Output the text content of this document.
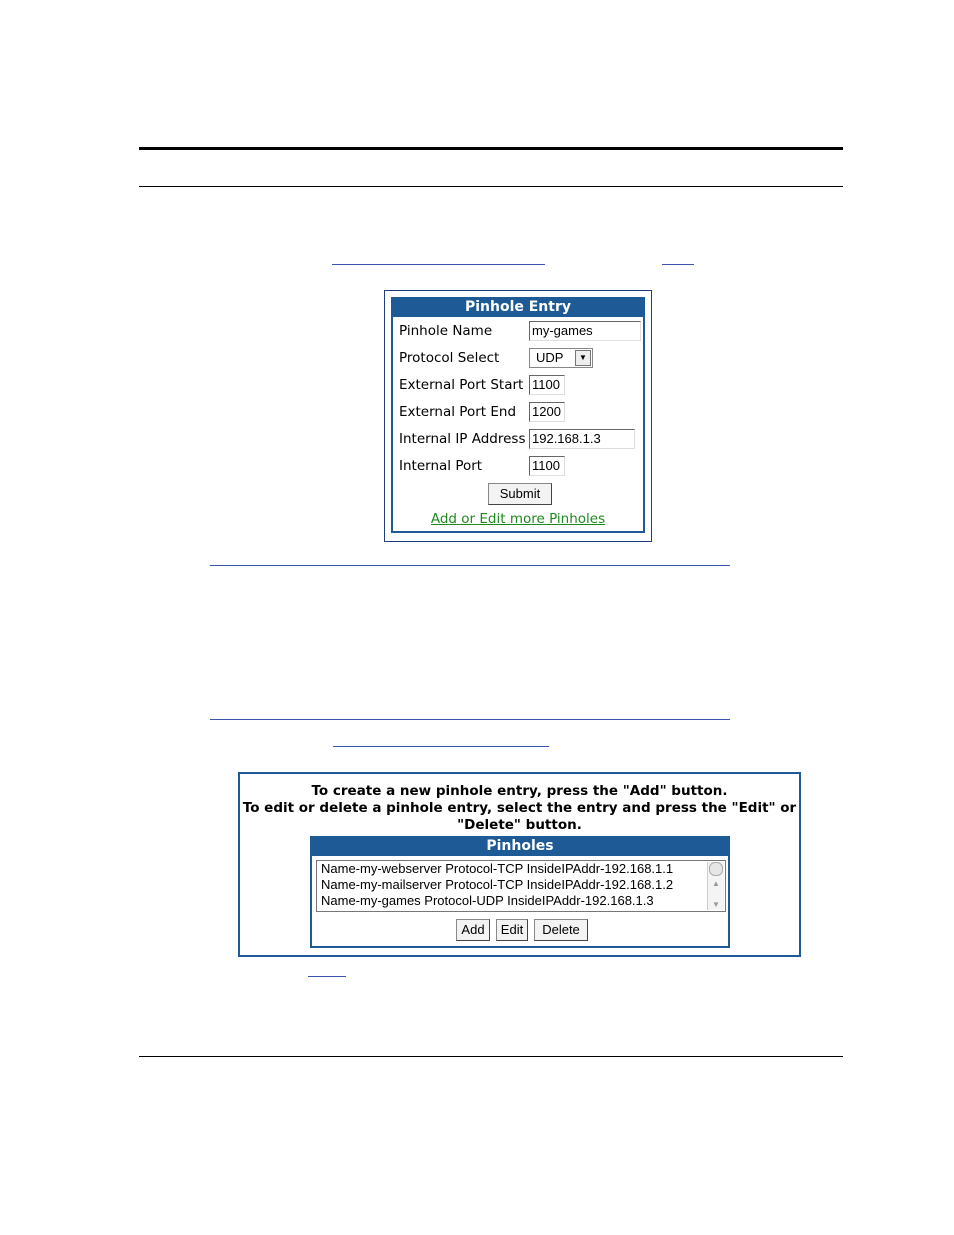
Pinhole Entry
Pinhole Name	my-games
Protocol Select	UDP	▼
External Port Start 1100
External Port End 1200
Internal IP Address 192.168.1.3
Internal Port	1100
Submit
Add or Edit more Pinholes
To create a new pinhole entry, press the "Add" button.
To edit or delete a pinhole entry, select the entry and press the "Edit" or
"Delete" button.
Pinholes
Name-my-webserver Protocol-TCP InsideIPAddr-192.168.1.1
Name-my-mailserver Protocol-TCP InsideIPAddr-192.168.1.2
Name-my-games Protocol-UDP InsideIPAddr-192.168.1.3
▲
▼
Add	Edit	Delete
